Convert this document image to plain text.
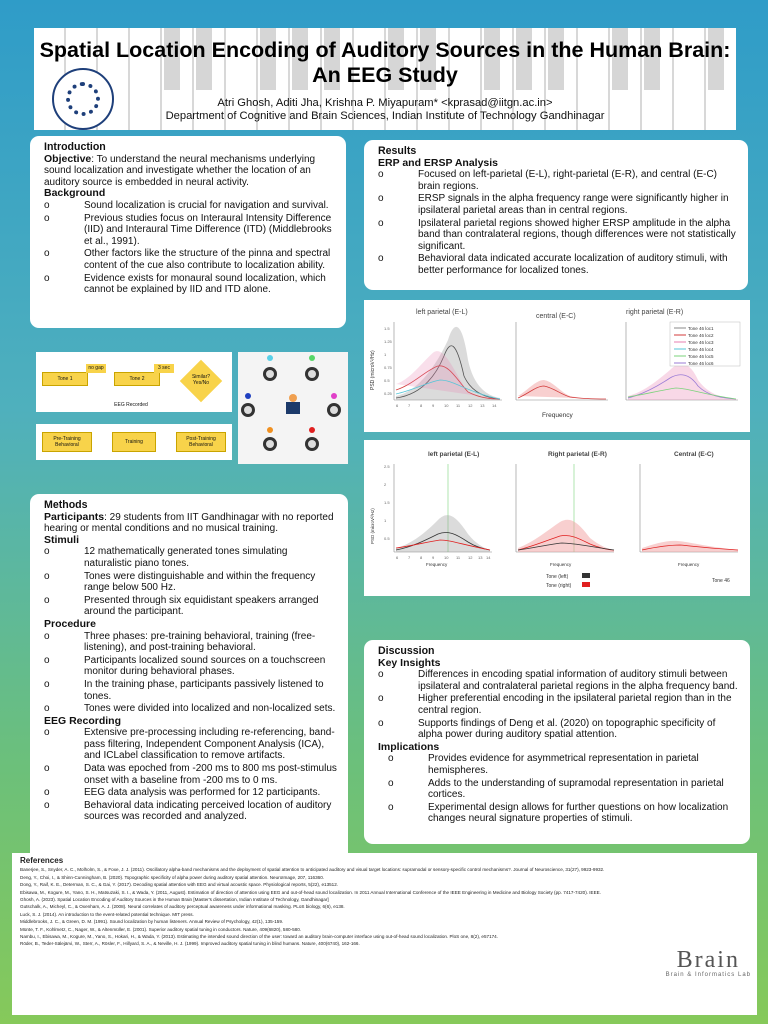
Spatial Location Encoding of Auditory Sources in the Human Brain:
An EEG Study
Atri Ghosh, Aditi Jha, Krishna P. Miyapuram* <kprasad@iitgn.ac.in>
Department of Cognitive and Brain Sciences, Indian Institute of Technology Gandhinagar
Introduction
Objective: To understand the neural mechanisms underlying sound localization and investigate whether the location of an auditory source is embedded in neural activity.
Background
o Sound localization is crucial for navigation and survival.
o Previous studies focus on Interaural Intensity Difference (IID) and Interaural Time Difference (ITD) (Middlebrooks et al., 1991).
o Other factors like the structure of the pinna and spectral content of the cue also contribute to localization ability.
o Evidence exists for monaural sound localization, which cannot be explained by IID and ITD alone.
Results
ERP and ERSP Analysis
o Focused on left-parietal (E-L), right-parietal (E-R), and central (E-C) brain regions.
o ERSP signals in the alpha frequency range were significantly higher in ipsilateral parietal areas than in central regions.
o Ipsilateral parietal regions showed higher ERSP amplitude in the alpha band than contralateral regions, though differences were not statistically significant.
o Behavioral data indicated accurate localization of auditory stimuli, with better performance for localized tones.
Tone 1
no gap
Tone 2
3 sec
Similar? Yes/No
EEG Recorded
Pre-Training Behavioral	Training	Post-Training Behavioral
left parietal (E-L)
central (E-C)
right parietal (E-R)
PSD (microV²/Hz)
Frequency
Tone 46 loc1
Tone 46 loc2
Tone 46 loc3
Tone 46 loc4
Tone 46 loc5
Tone 46 loc6
1.5
1.25
1
0.75
0.5
0.25
6 7 8 9 10 11 12 13 14
left parietal (E-L)	Right parietal (E-R)	Central (E-C)
PSD (microV²/Hz)
Frequency	Frequency	Frequency
Tone (left)
Tone (right)
Tone 46
2.5
2
1.5
1
0.5
6 7 8 9 10 11 12 13 14
Methods
Participants: 29 students from IIT Gandhinagar with no reported hearing or mental conditions and no musical training.
Stimuli
o 12 mathematically generated tones simulating naturalistic piano tones.
o Tones were distinguishable and within the frequency range below 500 Hz.
o Presented through six equidistant speakers arranged around the participant.
Procedure
o Three phases: pre-training behavioral, training (free-listening), and post-training behavioral.
o Participants localized sound sources on a touchscreen monitor during behavioral phases.
o In the training phase, participants passively listened to tones.
o Tones were divided into localized and non-localized sets.
EEG Recording
o Extensive pre-processing including re-referencing, band-pass filtering, Independent Component Analysis (ICA), and ICLabel classification to remove artifacts.
o Data was epoched from -200 ms to 800 ms post-stimulus onset with a baseline from -200 ms to 0 ms.
o EEG data analysis was performed for 12 participants.
o Behavioral data indicating perceived location of auditory sources was recorded and analyzed.
Discussion
Key Insights
o Differences in encoding spatial information of auditory stimuli between ipsilateral and contralateral parietal regions in the alpha frequency band.
o Higher preferential encoding in the ipsilateral parietal region than in the central region.
o Supports findings of Deng et al. (2020) on topographic specificity of alpha power during auditory spatial attention.
Implications
o Provides evidence for asymmetrical representation in parietal hemispheres.
o Adds to the understanding of supramodal representation in parietal cortices.
o Experimental design allows for further questions on how localization changes neural signature properties of stimuli.
References
Banerjee, S., Snyder, A. C., Molholm, S., & Foxe, J. J. (2011). Oscillatory alpha-band mechanisms and the deployment of spatial attention to anticipated auditory and visual target locations: supramodal or sensory-specific control mechanisms?. Journal of Neuroscience, 31(27), 9923-9932.
Deng, Y., Choi, I., & Shinn-Cunningham, B. (2020). Topographic specificity of alpha power during auditory spatial attention. NeuroImage, 207, 116360.
Dong, Y., Raif, K. E., Determan, S. C., & Gai, Y. (2017). Decoding spatial attention with EEG and virtual acoustic space. Physiological reports, 5(22), e13512.
Ebisawa, M., Kogure, M., Yano, S. H., Matsuzaki, S. I., & Wada, Y. (2011, August). Estimation of direction of attention using EEG and out-of-head sound localization. In 2011 Annual International Conference of the IEEE Engineering in Medicine and Biology Society (pp. 7417-7420). IEEE.
Ghosh, A. (2023). Spatial Location Encoding of Auditory Sources in the Human Brain [Master's dissertation, Indian Institute of Technology, Gandhinagar]
Gutschalk, A., Micheyl, C., & Oxenham, A. J. (2008). Neural correlates of auditory perceptual awareness under informational masking. PLoS biology, 6(6), e138.
Luck, S. J. (2014). An introduction to the event-related potential technique. MIT press.
Middlebrooks, J. C., & Green, D. M. (1991). Sound localization by human listeners. Annual Review of Psychology, 42(1), 135-159.
Münte, T. F., Kohlmetz, C., Nager, W., & Altenmüller, E. (2001). Superior auditory spatial tuning in conductors. Nature, 409(6820), 580-580.
Nambu, I., Ebisawa, M., Kogure, M., Yano, S., Hokari, H., & Wada, Y. (2013). Estimating the intended sound direction of the user: toward an auditory brain-computer interface using out-of-head sound localization. PloS one, 8(2), e57174.
Röder, B., Teder-Sälejärvi, W., Sterr, A., Rösler, F., Hillyard, S. A., & Neville, H. J. (1999). Improved auditory spatial tuning in blind humans. Nature, 400(6740), 162-166.
Brain
Brain & Informatics Lab
